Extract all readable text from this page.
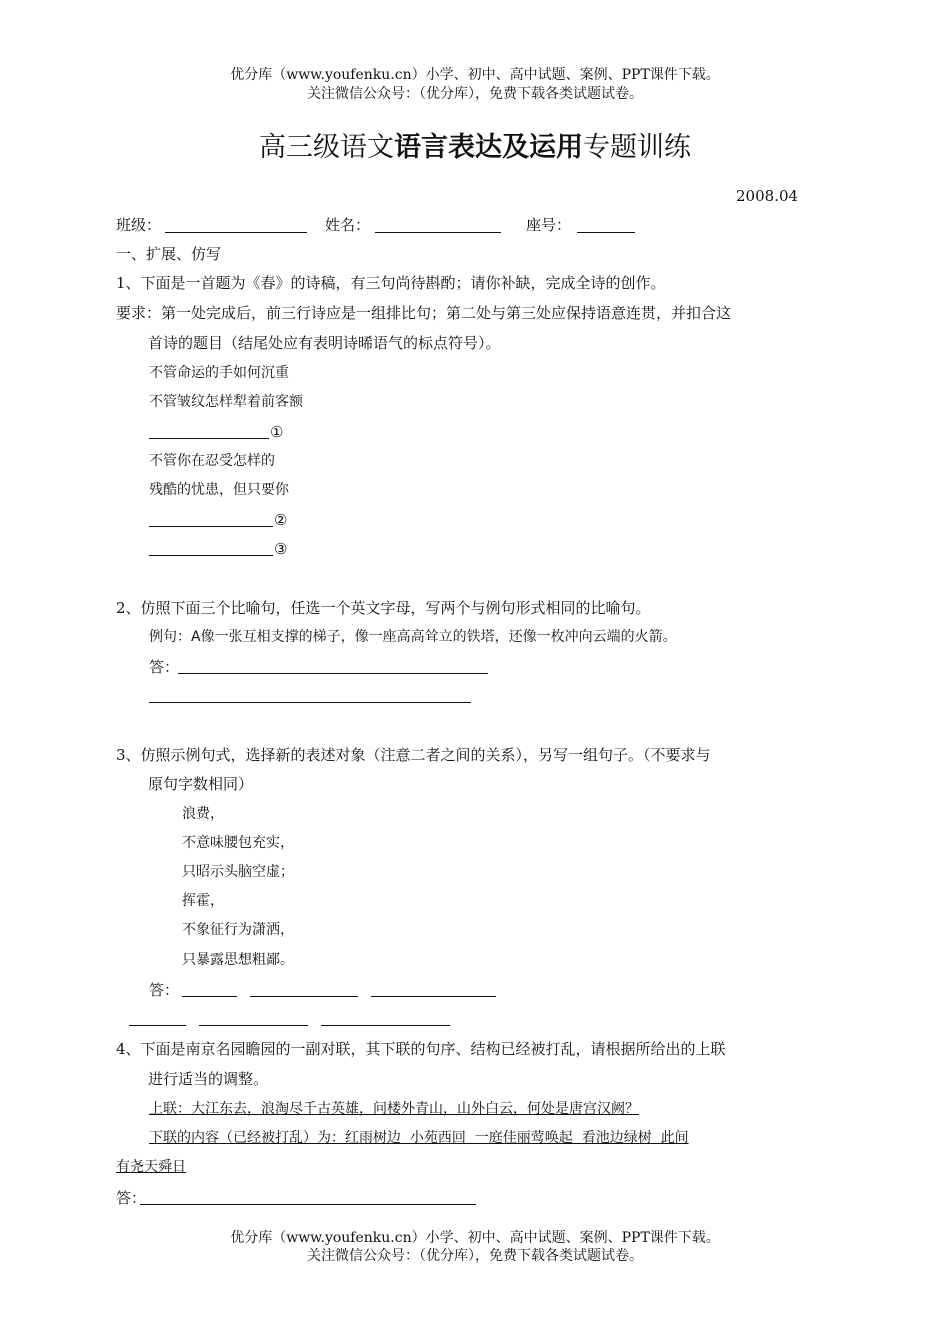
优分库（www.youfenku.cn）小学、初中、高中试题、案例、PPT课件下载。
关注微信公众号：（优分库），免费下载各类试题试卷。
高三级语文语言表达及运用专题训练
2008.04
班级：	姓名：	座号：
一、扩展、仿写
1、下面是一首题为《春》的诗稿，有三句尚待斟酌；请你补缺，完成全诗的创作。
要求：第一处完成后，前三行诗应是一组排比句；第二处与第三处应保持语意连贯，并扣合这
首诗的题目（结尾处应有表明诗晞语气的标点符号）。
不管命运的手如何沉重
不管皱纹怎样犁着前客额
①
不管你在忍受怎样的
残酷的忧患，但只要你
②
③
2、仿照下面三个比喻句，任选一个英文字母，写两个与例句形式相同的比喻句。
例句：A像一张互相支撑的梯子，像一座高高耸立的铁塔，还像一枚冲向云端的火箭。
答：
3、仿照示例句式，选择新的表述对象（注意二者之间的关系），另写一组句子。（不要求与
原句字数相同）
浪费，
不意味腰包充实，
只昭示头脑空虚；
挥霍，
不象征行为潇洒，
只暴露思想粗鄙。
答：
4、下面是南京名园瞻园的一副对联，其下联的句序、结构已经被打乱，请根据所给出的上联
进行适当的调整。
上联：大江东去，浪淘尽千古英雄，问楼外青山，山外白云，何处是唐宫汉阙？
下联的内容（已经被打乱）为：红雨树边  小苑西回  一庭佳丽莺唤起  看池边绿树  此间
有尧天舜日
答：
优分库（www.youfenku.cn）小学、初中、高中试题、案例、PPT课件下载。
关注微信公众号：（优分库），免费下载各类试题试卷。
